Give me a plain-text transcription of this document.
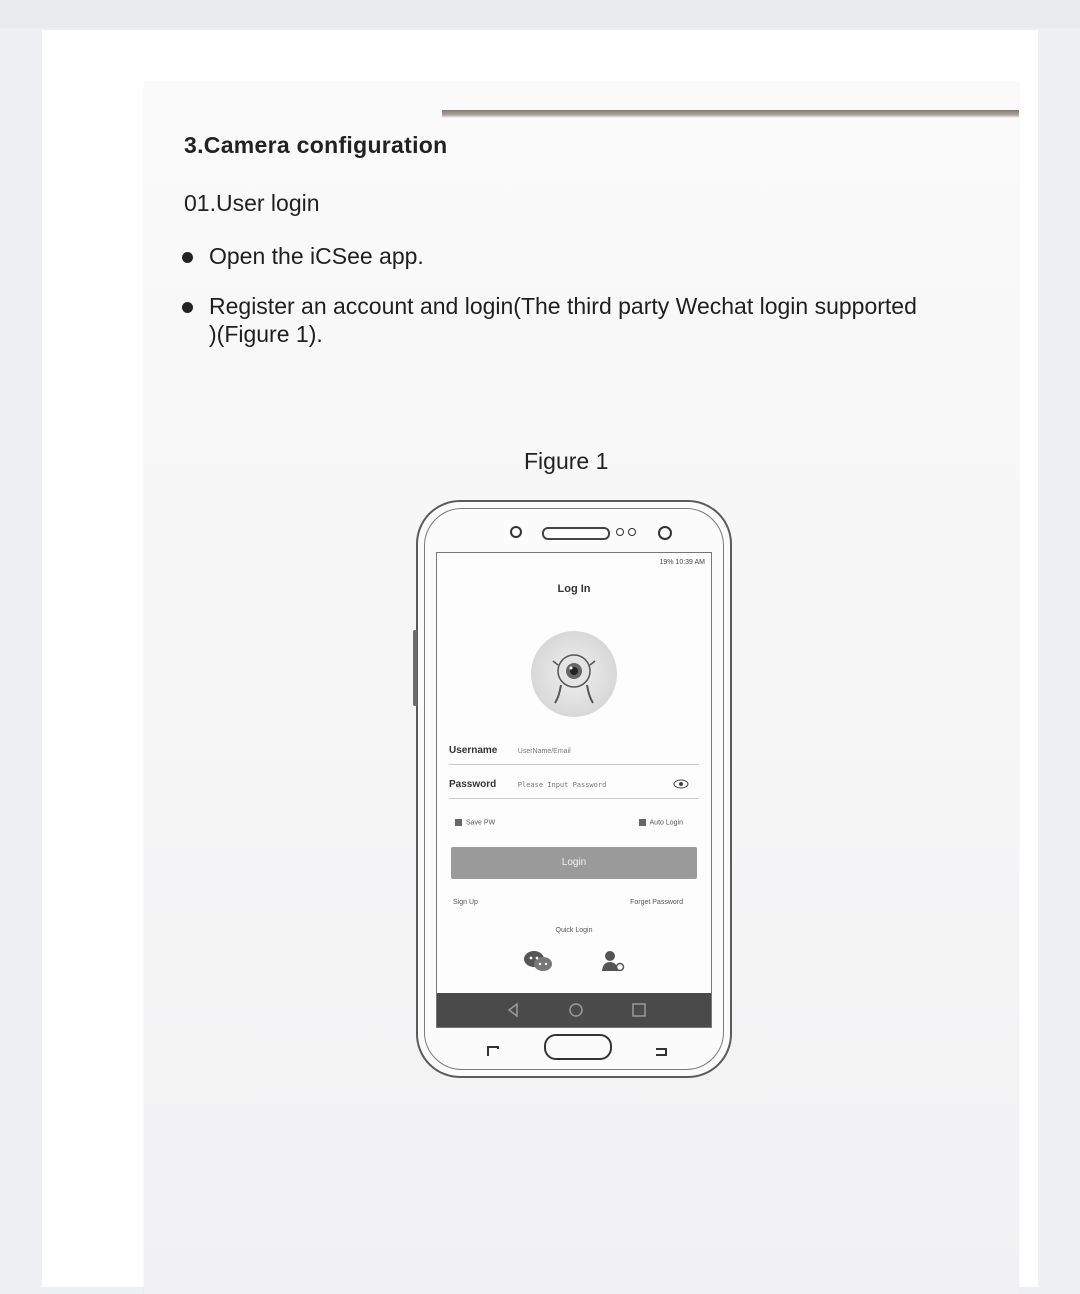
3.Camera configuration
01.User login
Open the iCSee app.
Register an account and login(The third party Wechat login supported )(Figure 1).
Figure 1
19% 10:39 AM
Log In
Username	UserName/Email
Password	Please Input Password
Save PW	Auto Login
Login
Sign Up	Forget Password
Quick Login
